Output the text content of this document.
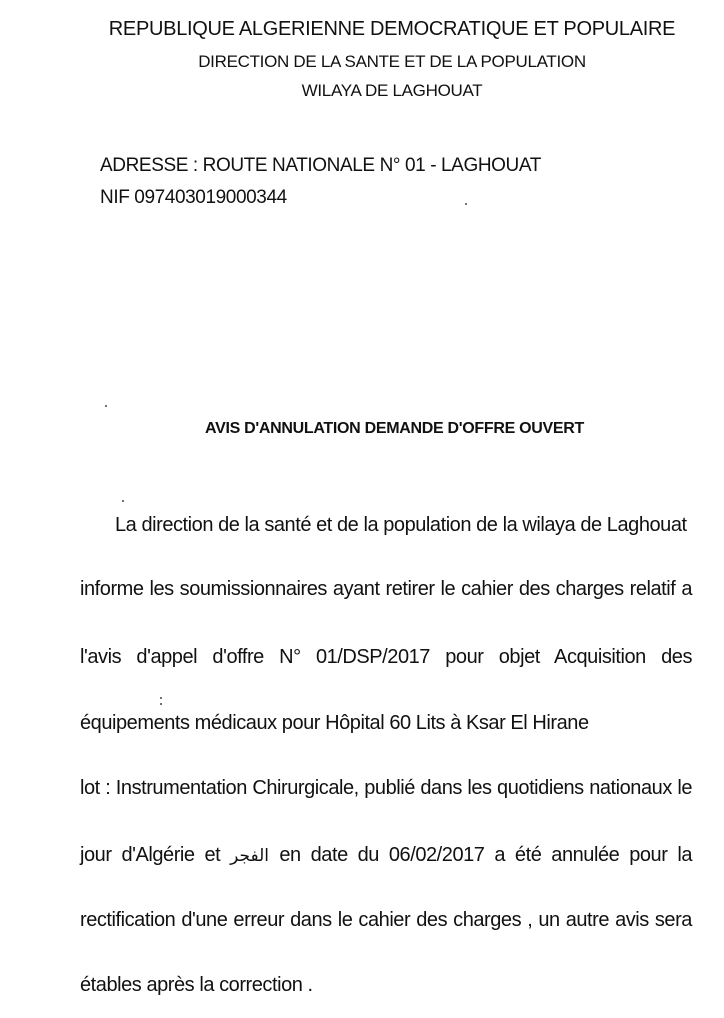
REPUBLIQUE ALGERIENNE DEMOCRATIQUE ET POPULAIRE
DIRECTION DE LA SANTE ET DE LA POPULATION
WILAYA DE LAGHOUAT
ADRESSE : ROUTE NATIONALE N° 01 - LAGHOUAT
NIF 097403019000344
AVIS D'ANNULATION DEMANDE D'OFFRE OUVERT
La direction de la santé et de la population de la wilaya de Laghouat
informe les soumissionnaires ayant retirer le cahier des charges relatif a
l'avis d'appel d'offre N° 01/DSP/2017 pour objet Acquisition des
équipements médicaux pour Hôpital 60 Lits à Ksar El Hirane
lot : Instrumentation Chirurgicale, publié dans les quotidiens nationaux le
jour d'Algérie et الفجر en date du 06/02/2017 a été annulée pour la
rectification d'une erreur dans le cahier des charges , un autre avis sera
étables après la correction .
